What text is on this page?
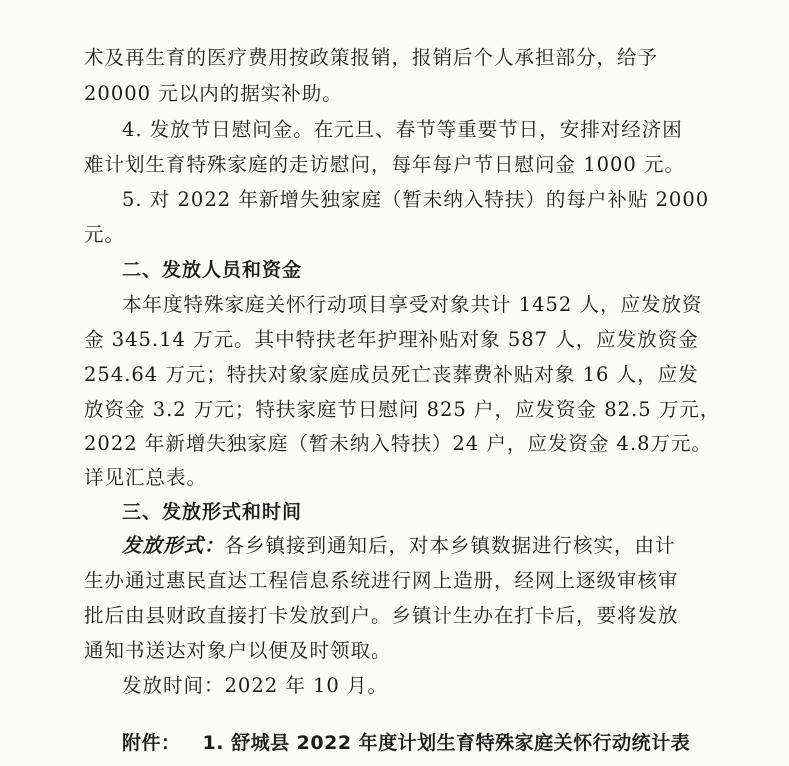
术及再生育的医疗费用按政策报销，报销后个人承担部分，给予
20000 元以内的据实补助。
4. 发放节日慰问金。在元旦、春节等重要节日，安排对经济困
难计划生育特殊家庭的走访慰问，每年每户节日慰问金 1000 元。
5. 对 2022 年新增失独家庭（暂未纳入特扶）的每户补贴 2000
元。
二、发放人员和资金
本年度特殊家庭关怀行动项目享受对象共计 1452 人，应发放资
金 345.14 万元。其中特扶老年护理补贴对象 587 人，应发放资金
254.64 万元；特扶对象家庭成员死亡丧葬费补贴对象 16 人，应发
放资金 3.2 万元；特扶家庭节日慰问 825 户，应发资金 82.5 万元，
2022 年新增失独家庭（暂未纳入特扶）24 户，应发资金 4.8万元。
详见汇总表。
三、发放形式和时间
发放形式：各乡镇接到通知后，对本乡镇数据进行核实，由计
生办通过惠民直达工程信息系统进行网上造册，经网上逐级审核审
批后由县财政直接打卡发放到户。乡镇计生办在打卡后，要将发放
通知书送达对象户以便及时领取。
发放时间：2022 年 10 月。
附件： 1. 舒城县 2022 年度计划生育特殊家庭关怀行动统计表
